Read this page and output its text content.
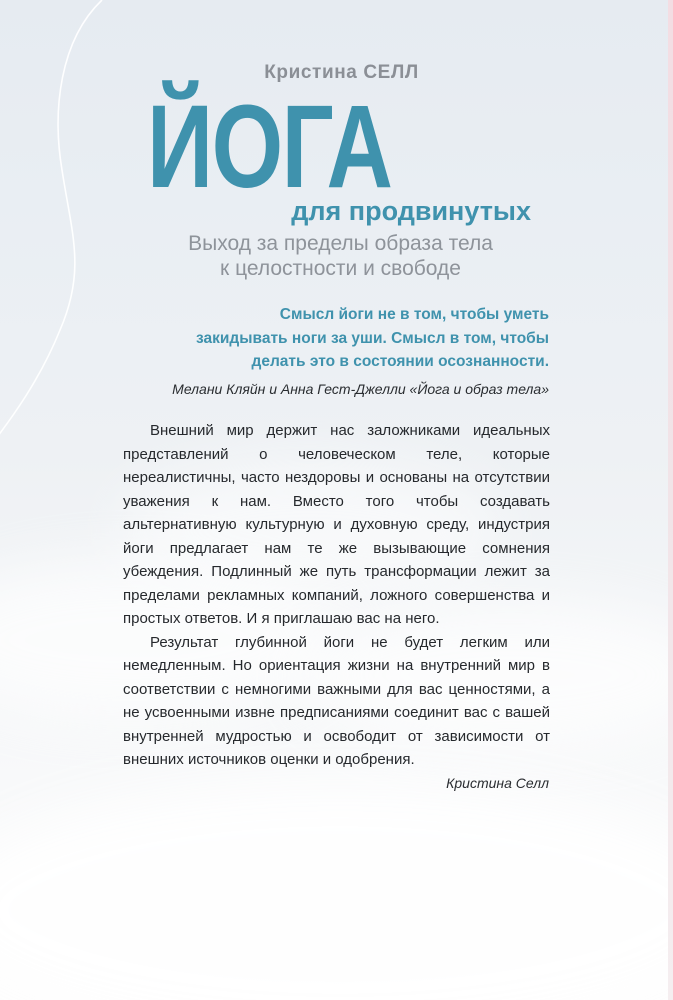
Кристина СЕЛЛ
ЙОГА
для продвинутых
Выход за пределы образа тела
к целостности и свободе
Смысл йоги не в том, чтобы уметь
закидывать ноги за уши. Смысл в том, чтобы
делать это в состоянии осознанности.
Мелани Кляйн и Анна Гест-Джелли «Йога и образ тела»

Внешний мир держит нас заложниками идеальных представлений о человеческом теле, которые нереалистичны, часто нездоровы и основаны на отсутствии уважения к нам. Вместо того чтобы создавать альтернативную культурную и духовную среду, индустрия йоги предлагает нам те же вызывающие сомнения убеждения. Подлинный же путь трансформации лежит за пределами рекламных компаний, ложного совершенства и простых ответов. И я приглашаю вас на него.

Результат глубинной йоги не будет легким или немедленным. Но ориентация жизни на внутренний мир в соответствии с немногими важными для вас ценностями, а не усвоенными извне предписаниями соединит вас с вашей внутренней мудростью и освободит от зависимости от внешних источников оценки и одобрения.

Кристина Селл
